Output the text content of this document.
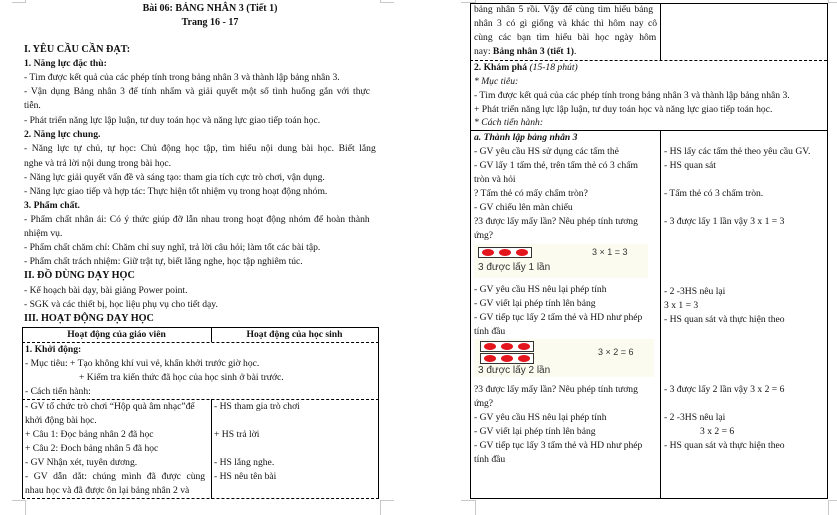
Bài 06: BẢNG NHÂN 3 (Tiết 1)
Trang 16 - 17
I. YÊU CẦU CẦN ĐẠT:
1. Năng lực đặc thù:
- Tìm được kết quả của các phép tính trong bảng nhân 3 và thành lập bảng nhân 3.
- Vận dụng Bảng nhân 3 để tính nhẩm và giải quyết một số tình huống gắn với thực
tiễn.
- Phát triển năng lực lập luận, tư duy toán học và năng lực giao tiếp toán học.
2. Năng lực chung.
- Năng lực tự chủ, tự học: Chủ động học tập, tìm hiểu nội dung bài học. Biết lắng
nghe và trả lời nội dung trong bài học.
- Năng lực giải quyết vấn đề và sáng tạo: tham gia tích cực trò chơi, vận dụng.
- Năng lực giao tiếp và hợp tác: Thực hiện tốt nhiệm vụ trong hoạt động nhóm.
3. Phẩm chất.
- Phẩm chất nhân ái: Có ý thức giúp đỡ lẫn nhau trong hoạt động nhóm để hoàn thành
nhiệm vụ.
- Phẩm chất chăm chỉ: Chăm chỉ suy nghĩ, trả lời câu hỏi; làm tốt các bài tập.
- Phẩm chất trách nhiệm: Giữ trật tự, biết lắng nghe, học tập nghiêm túc.
II. ĐỒ DÙNG DẠY HỌC
- Kế hoạch bài dạy, bài giảng Power point.
- SGK và các thiết bị, học liệu phụ vụ cho tiết dạy.
III. HOẠT ĐỘNG DẠY HỌC
Hoạt động của giáo viên	Hoạt động của học sinh
1. Khởi động:
- Mục tiêu: + Tạo không khí vui vẻ, khấn khởi trước giờ học.
+ Kiểm tra kiến thức đã học của học sinh ở bài trước.
- Cách tiến hành:
- GV tổ chức trò chơi “Hộp quà âm nhạc”để
khởi động bài học.
+ Câu 1: Đọc bảng nhân 2 đã học
+ Câu 2: Đoch bảng nhân 5 đã học
- GV Nhận xét, tuyên dương.
- GV dẫn dắt: chúng mình đã được cùng
nhau học và đã được ôn lại bảng nhân 2 và
- HS tham gia trò chơi
+ HS trả lời
- HS lắng nghe.
- HS nêu tên bài
bảng nhân 5 rồi. Vậy để cùng tìm hiểu bảng
nhân 3 có gì giống và khác thì hôm nay cô
cùng các bạn tìm hiểu bài học ngày hôm
nay: Bảng nhân 3 (tiết 1).
2. Khám phá (15-18 phút)
* Mục tiêu:
- Tìm được kết quả của các phép tính trong bảng nhân 3 và thành lập bảng nhân 3.
+ Phát triển năng lực lập luận, tư duy toán học và năng lực giao tiếp toán học.
* Cách tiến hành:
a. Thành lập bảng nhân 3
- GV yêu cầu HS sử dụng các tấm thẻ
- GV lấy 1 tấm thẻ, trên tấm thẻ có 3 chấm
tròn và hỏi
? Tấm thẻ có mấy chấm tròn?
- GV chiếu lên màn chiếu
?3 được lấy mấy lần? Nêu phép tính tương
ứng?
- HS lấy các tấm thẻ theo yêu cầu GV.
- HS quan sát
- Tấm thẻ có 3 chấm tròn.
- 3 được lấy 1 lần vậy 3 x 1 = 3
3 × 1 = 3
3 được lấy 1 lần
- GV yêu cầu HS nêu lại phép tính
- GV viết lại phép tính lên bảng
- GV tiếp tục lấy 2 tấm thẻ và HD như phép
tính đầu
- 2 -3HS nêu lại
3 x 1 = 3
- HS quan sát và thực hiện theo
3 × 2 = 6
3 được lấy 2 lần
?3 được lấy mấy lần? Nêu phép tính tương
ứng?
- GV yêu cầu HS nêu lại phép tính
- GV viết lại phép tính lên bảng
- GV tiếp tục lấy 3 tấm thẻ và HD như phép
tính đầu
- 3 được lấy 2 lần vậy 3 x 2 = 6
- 2 -3HS nêu lại
3 x 2 = 6
- HS quan sát và thực hiện theo
